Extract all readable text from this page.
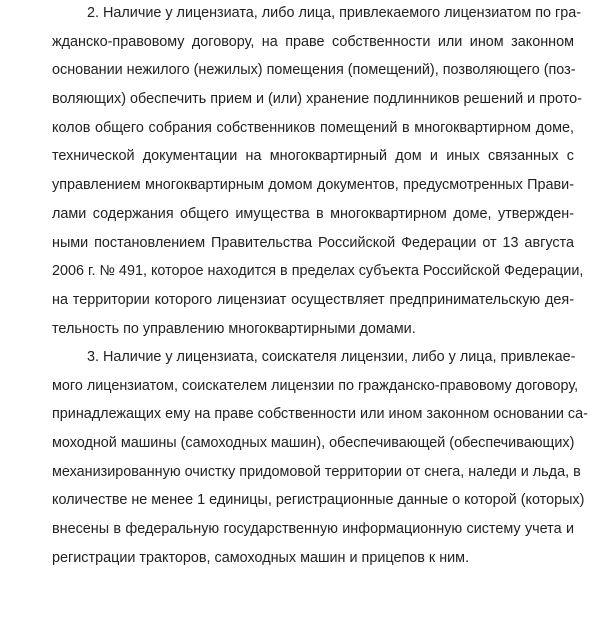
2. Наличие у лицензиата, либо лица, привлекаемого лицензиатом по гра-
жданско-правовому договору, на праве собственности или ином законном
основании нежилого (нежилых) помещения (помещений), позволяющего (поз-
воляющих) обеспечить прием и (или) хранение подлинников решений и прото-
колов общего собрания собственников помещений в многоквартирном доме,
технической документации на многоквартирный дом и иных связанных с
управлением многоквартирным домом документов, предусмотренных Прави-
лами содержания общего имущества в многоквартирном доме, утвержден-
ными постановлением Правительства Российской Федерации от 13 августа
2006 г. № 491, которое находится в пределах субъекта Российской Федерации,
на территории которого лицензиат осуществляет предпринимательскую дея-
тельность по управлению многоквартирными домами.
3. Наличие у лицензиата, соискателя лицензии, либо у лица, привлекае-
мого лицензиатом, соискателем лицензии по гражданско-правовому договору,
принадлежащих ему на праве собственности или ином законном основании са-
моходной машины (самоходных машин), обеспечивающей (обеспечивающих)
механизированную очистку придомовой территории от снега, наледи и льда, в
количестве не менее 1 единицы, регистрационные данные о которой (которых)
внесены в федеральную государственную информационную систему учета и
регистрации тракторов, самоходных машин и прицепов к ним.
